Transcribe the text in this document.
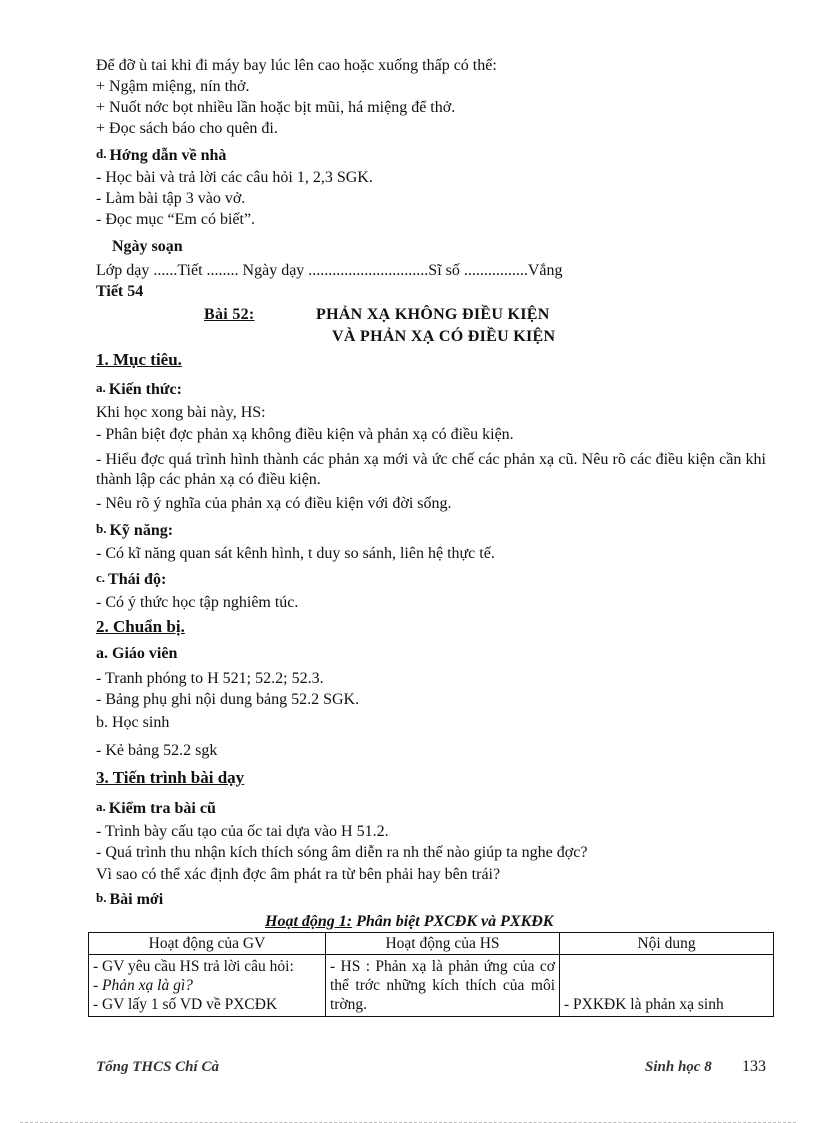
Để đỡ ù tai khi đi máy bay lúc lên cao hoặc xuống thấp có thể:
+ Ngậm miệng, nín thở.
+ Nuốt nớc bọt nhiều lần hoặc bịt mũi, há miệng để thở.
+ Đọc sách báo cho quên đi.
d. Hớng dẫn về nhà
- Học bài và trả lời các câu hỏi 1, 2,3 SGK.
- Làm bài tập 3 vào vở.
- Đọc mục “Em có biết”.
Ngày soạn
Lớp dạy ......Tiết ........ Ngày dạy ..............................Sĩ số ................Vắng
Tiết 54
Bài 52:	PHẢN XẠ KHÔNG ĐIỀU KIỆN
VÀ PHẢN XẠ CÓ ĐIỀU KIỆN
1. Mục tiêu.
a. Kiến thức:
Khi học xong bài này, HS:
- Phân biệt đợc phản xạ không điều kiện và phản xạ có điều kiện.
- Hiểu đợc quá trình hình thành các phản xạ mới và ức chế các phản xạ cũ. Nêu rõ các điều kiện cần khi thành lập các phản xạ có điều kiện.
- Nêu rõ ý nghĩa của phản xạ có điều kiện với đời sống.
b. Kỹ năng:
- Có kĩ năng quan sát kênh hình, t duy so sánh, liên hệ thực tế.
c. Thái độ:
- Có ý thức học tập nghiêm túc.
2. Chuẩn bị.
a. Giáo viên
- Tranh phóng to H 521; 52.2; 52.3.
- Bảng phụ ghi nội dung bảng 52.2 SGK.
b. Học sinh
- Kẻ bảng 52.2 sgk
3. Tiến trình bài dạy
a. Kiểm tra bài cũ
- Trình bày cấu tạo của ốc tai dựa vào H 51.2.
- Quá trình thu nhận kích thích sóng âm diễn ra nh thế nào giúp ta nghe đợc?
Vì sao có thể xác định đợc âm phát ra từ bên phải hay bên trái?
b. Bài mới
Hoạt động 1: Phân biệt PXCĐK và PXKĐK
Hoạt động của GV	Hoạt động của HS	Nội dung

- GV yêu cầu HS trả lời câu hỏi:
- Phản xạ là gì?
- GV lấy 1 số VD về PXCĐK	- HS : Phản xạ là phản ứng của cơ thể trớc những kích thích của môi trờng.	- PXKĐK là phản xạ sinh
Tổng THCS Chí Cà	Sinh học 8 133
